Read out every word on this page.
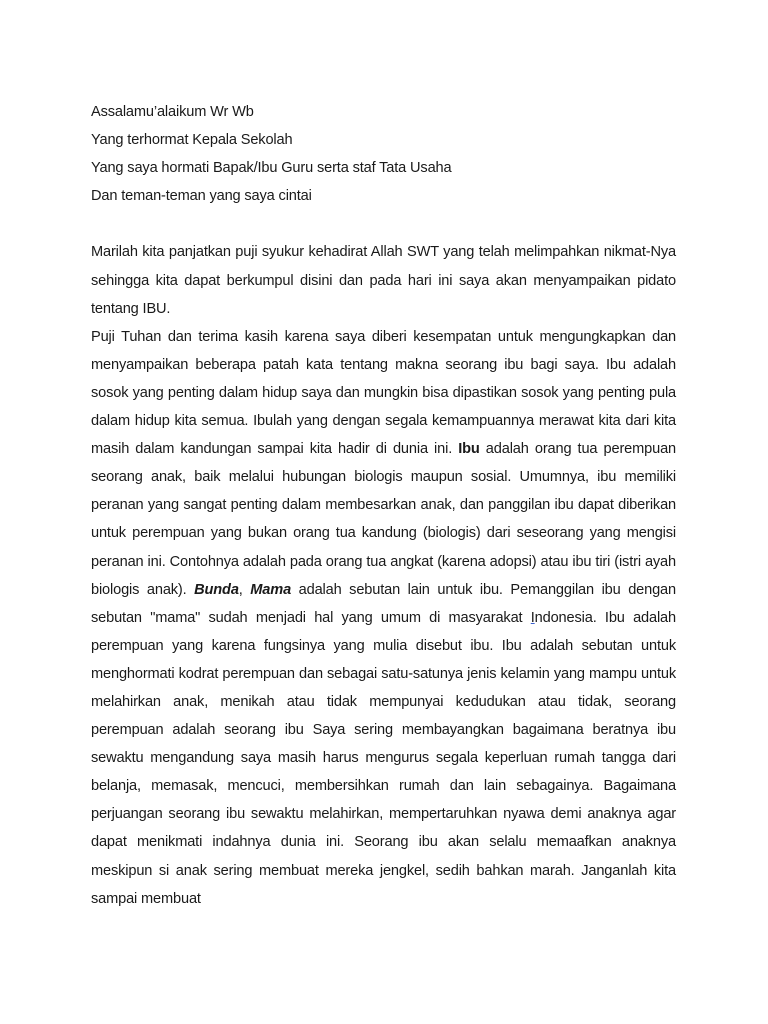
Assalamu’alaikum Wr Wb
Yang terhormat Kepala Sekolah
Yang saya hormati Bapak/Ibu Guru serta staf Tata Usaha
Dan teman-teman yang saya cintai

Marilah kita panjatkan puji syukur kehadirat Allah SWT yang telah melimpahkan nikmat-Nya sehingga kita dapat berkumpul disini dan pada hari ini saya akan menyampaikan pidato tentang IBU.

Puji Tuhan dan terima kasih karena saya diberi kesempatan untuk mengungkapkan dan menyampaikan beberapa patah kata tentang makna seorang ibu bagi saya. Ibu adalah sosok yang penting dalam hidup saya dan mungkin bisa dipastikan sosok yang penting pula dalam hidup kita semua. Ibulah yang dengan segala kemampuannya merawat kita dari kita masih dalam kandungan sampai kita hadir di dunia ini. Ibu adalah orang tua perempuan seorang anak, baik melalui hubungan biologis maupun sosial. Umumnya, ibu memiliki peranan yang sangat penting dalam membesarkan anak, dan panggilan ibu dapat diberikan untuk perempuan yang bukan orang tua kandung (biologis) dari seseorang yang mengisi peranan ini. Contohnya adalah pada orang tua angkat (karena adopsi) atau ibu tiri (istri ayah biologis anak). Bunda, Mama adalah sebutan lain untuk ibu. Pemanggilan ibu dengan sebutan "mama" sudah menjadi hal yang umum di masyarakat Indonesia. Ibu adalah perempuan yang karena fungsinya yang mulia disebut ibu. Ibu adalah sebutan untuk menghormati kodrat perempuan dan sebagai satu-satunya jenis kelamin yang mampu untuk melahirkan anak, menikah atau tidak mempunyai kedudukan atau tidak, seorang perempuan adalah seorang ibu Saya sering membayangkan bagaimana beratnya ibu sewaktu mengandung saya masih harus mengurus segala keperluan rumah tangga dari belanja, memasak, mencuci, membersihkan rumah dan lain sebagainya. Bagaimana perjuangan seorang ibu sewaktu melahirkan, mempertaruhkan nyawa demi anaknya agar dapat menikmati indahnya dunia ini. Seorang ibu akan selalu memaafkan anaknya meskipun si anak sering membuat mereka jengkel, sedih bahkan marah. Janganlah kita sampai membuat
